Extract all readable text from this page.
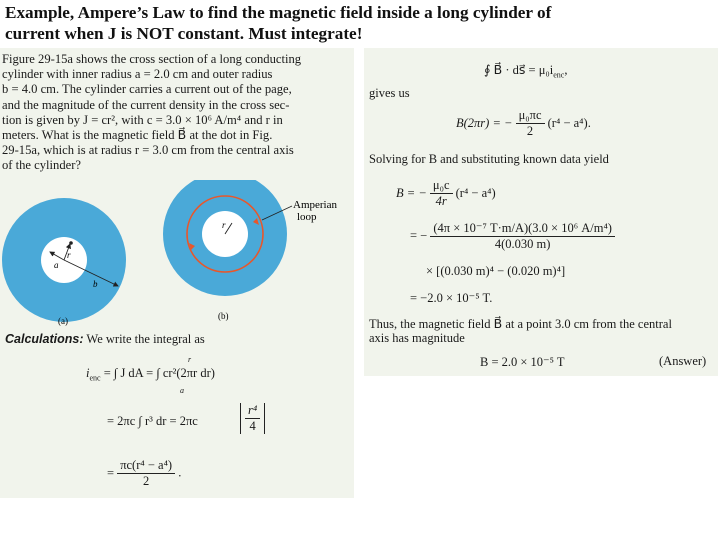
Example, Ampere’s Law to find the magnetic field inside a long cylinder of
current when J is NOT constant. Must integrate!
Figure 29-15a shows the cross section of a long conducting
cylinder with inner radius a = 2.0 cm and outer radius
b = 4.0 cm. The cylinder carries a current out of the page,
and the magnitude of the current density in the cross sec-
tion is given by J = cr², with c = 3.0 × 10⁶ A/m⁴ and r in
meters. What is the magnetic field B⃗ at the dot in Fig.
29-15a, which is at radius r = 3.0 cm from the central axis
of the cylinder?
r
a
b
(a)
r
Amperian
loop
(b)
Calculations: We write the integral as
$i_{enc}$ = ∫ J dA = ∫ cr²(2πr dr)
r
a
= 2πc ∫ r³ dr = 2πc	$\frac{\text{r⁴}}{4}$
= $\frac{\text{πc(r⁴ − a⁴)}}{2}$ .
∮ B⃗ · ds⃗ = $\mu_0i_{enc}$,
gives us
B(2πr) = − $\frac{\text{μ₀πc}}{2} (r^4 - a^4)$.
Solving for B and substituting known data yield
B = − $\frac{\text{μ₀c}}{4r} (r^4 - a^4)$
= − $\frac{\text{(4π × 10⁻⁷ T·m/A)(3.0 × 10⁶ A/m⁴)}}{4(0.030 m)}$
× [(0.030 m)⁴ − (0.020 m)⁴]
= −2.0 × 10⁻⁵ T.
Thus, the magnetic field B⃗ at a point 3.0 cm from the central
axis has magnitude
B = 2.0 × 10⁻⁵ T	(Answer)
